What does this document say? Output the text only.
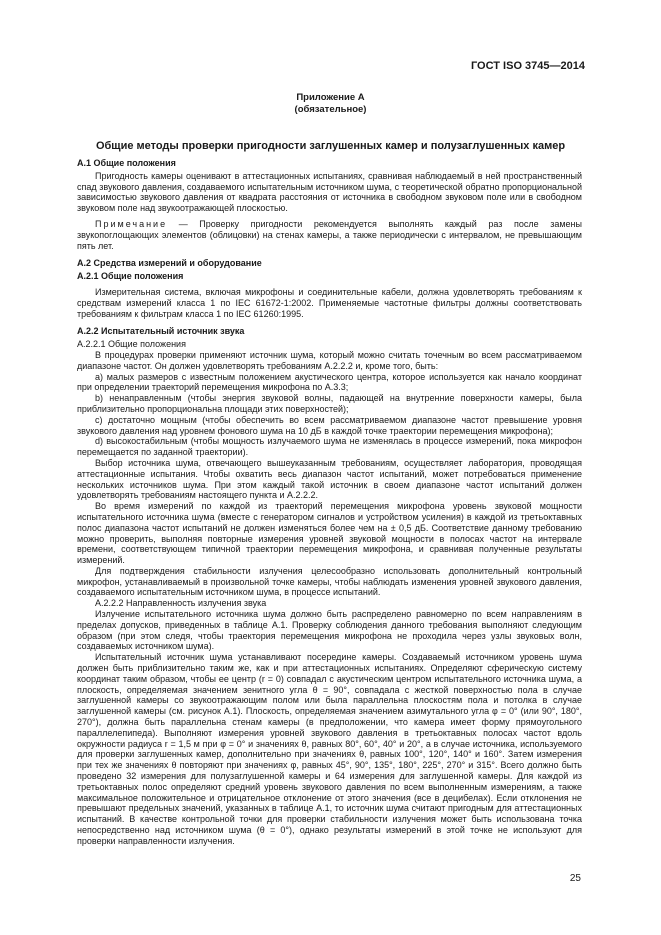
ГОСТ ISO 3745—2014
Приложение А
(обязательное)
Общие методы проверки пригодности заглушенных камер и полузаглушенных камер

А.1 Общие положения

Пригодность камеры оценивают в аттестационных испытаниях, сравнивая наблюдаемый в ней пространственный спад звукового давления, создаваемого испытательным источником шума, с теоретической обратно пропорциональной зависимостью звукового давления от квадрата расстояния от источника в свободном звуковом поле или в свободном звуковом поле над звукоотражающей плоскостью.

Примечание — Проверку пригодности рекомендуется выполнять каждый раз после замены звукопоглощающих элементов (облицовки) на стенах камеры, а также периодически с интервалом, не превышающим пять лет.

А.2 Средства измерений и оборудование

А.2.1 Общие положения

Измерительная система, включая микрофоны и соединительные кабели, должна удовлетворять требованиям к средствам измерений класса 1 по IEC 61672-1:2002. Применяемые частотные фильтры должны соответствовать требованиям к фильтрам класса 1 по IEC 61260:1995.

А.2.2 Испытательный источник звука

А.2.2.1 Общие положения

В процедурах проверки применяют источник шума, который можно считать точечным во всем рассматриваемом диапазоне частот. Он должен удовлетворять требованиям А.2.2.2 и, кроме того, быть:

а) малых размеров с известным положением акустического центра, которое используется как начало координат при определении траекторий перемещения микрофона по А.3.3;

b) ненаправленным (чтобы энергия звуковой волны, падающей на внутренние поверхности камеры, была приблизительно пропорциональна площади этих поверхностей);

с) достаточно мощным (чтобы обеспечить во всем рассматриваемом диапазоне частот превышение уровня звукового давления над уровнем фонового шума на 10 дБ в каждой точке траектории перемещения микрофона);

d) высокостабильным (чтобы мощность излучаемого шума не изменялась в процессе измерений, пока микрофон перемещается по заданной траектории).

Выбор источника шума, отвечающего вышеуказанным требованиям, осуществляет лаборатория, проводящая аттестационные испытания. Чтобы охватить весь диапазон частот испытаний, может потребоваться применение нескольких источников шума. При этом каждый такой источник в своем диапазоне частот испытаний должен удовлетворять требованиям настоящего пункта и А.2.2.2.

Во время измерений по каждой из траекторий перемещения микрофона уровень звуковой мощности испытательного источника шума (вместе с генератором сигналов и устройством усиления) в каждой из третьоктавных полос диапазона частот испытаний не должен изменяться более чем на ± 0,5 дБ. Соответствие данному требованию можно проверить, выполняя повторные измерения уровней звуковой мощности в полосах частот на интервале времени, соответствующем типичной траектории перемещения микрофона, и сравнивая полученные результаты измерений.

Для подтверждения стабильности излучения целесообразно использовать дополнительный контрольный микрофон, устанавливаемый в произвольной точке камеры, чтобы наблюдать изменения уровней звукового давления, создаваемого испытательным источником шума, в процессе испытаний.

А.2.2.2 Направленность излучения звука

Излучение испытательного источника шума должно быть распределено равномерно по всем направлениям в пределах допусков, приведенных в таблице А.1. Проверку соблюдения данного требования выполняют следующим образом (при этом следя, чтобы траектория перемещения микрофона не проходила через узлы звуковых волн, создаваемых источником шума).

Испытательный источник шума устанавливают посередине камеры. Создаваемый источником уровень шума должен быть приблизительно таким же, как и при аттестационных испытаниях. Определяют сферическую систему координат таким образом, чтобы ее центр (r = 0) совпадал с акустическим центром испытательного источника шума, а плоскость, определяемая значением зенитного угла θ = 90°, совпадала с жесткой поверхностью пола в случае заглушенной камеры со звукоотражающим полом или была параллельна плоскостям пола и потолка в случае заглушенной камеры (см. рисунок А.1). Плоскость, определяемая значением азимутального угла φ = 0° (или 90°, 180°, 270°), должна быть параллельна стенам камеры (в предположении, что камера имеет форму прямоугольного параллелепипеда). Выполняют измерения уровней звукового давления в третьоктавных полосах частот вдоль окружности радиуса r = 1,5 м при φ = 0° и значениях θ, равных 80°, 60°, 40° и 20°, а в случае источника, используемого для проверки заглушенных камер, дополнительно при значениях θ, равных 100°, 120°, 140° и 160°. Затем измерения при тех же значениях θ повторяют при значениях φ, равных 45°, 90°, 135°, 180°, 225°, 270° и 315°. Всего должно быть проведено 32 измерения для полузаглушенной камеры и 64 измерения для заглушенной камеры. Для каждой из третьоктавных полос определяют средний уровень звукового давления по всем выполненным измерениям, а также максимальное положительное и отрицательное отклонение от этого значения (все в децибелах). Если отклонения не превышают предельных значений, указанных в таблице А.1, то источник шума считают пригодным для аттестационных испытаний. В качестве контрольной точки для проверки стабильности излучения может быть использована точка непосредственно над источником шума (θ = 0°), однако результаты измерений в этой точке не используют для проверки направленности излучения.

25
